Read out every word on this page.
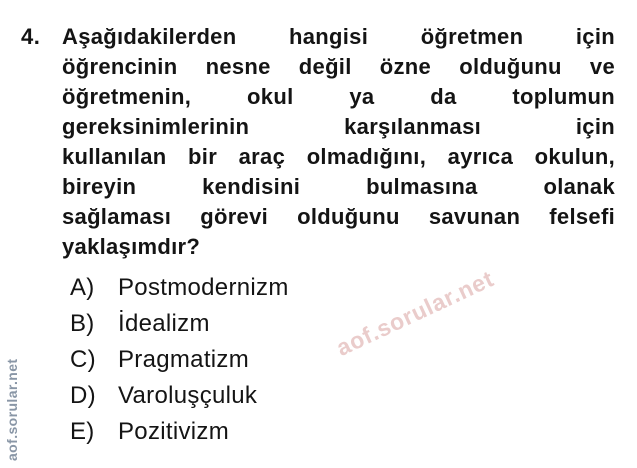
aof.sorular.net
aof.sorular.net
4. Aşağıdakilerden hangisi öğretmen için
öğrencinin nesne değil özne olduğunu ve
öğretmenin, okul ya da toplumun
gereksinimlerinin karşılanması için
kullanılan bir araç olmadığını, ayrıca okulun,
bireyin kendisini bulmasına olanak
sağlaması görevi olduğunu savunan felsefi
yaklaşımdır?
A) Postmodernizm
B) İdealizm
C) Pragmatizm
D) Varoluşçuluk
E) Pozitivizm
